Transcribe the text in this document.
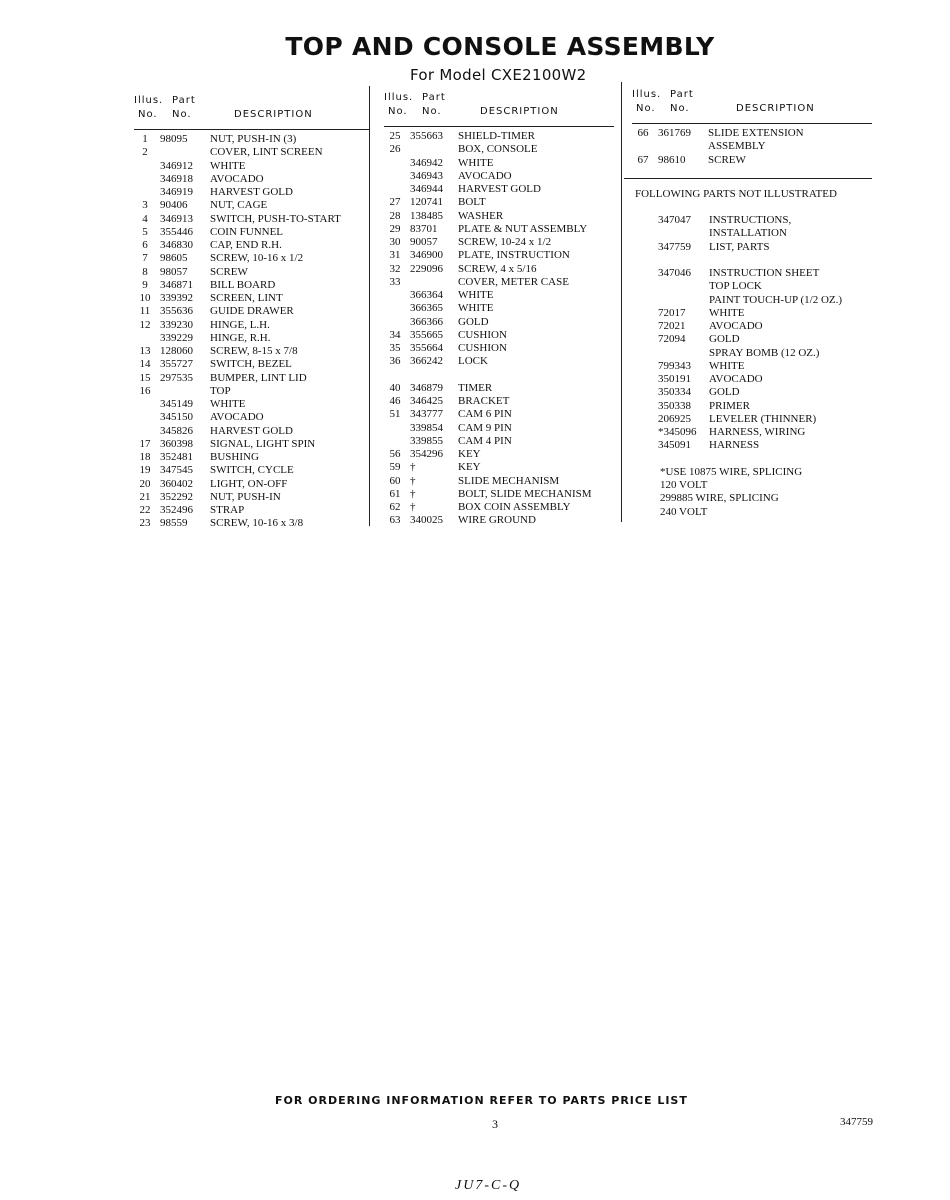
TOP AND CONSOLE ASSEMBLY
For Model CXE2100W2
Illus. Part
No. No.	DESCRIPTION
1	98095 NUT, PUSH-IN (3)
2	COVER, LINT SCREEN
346912 WHITE
346918 AVOCADO
346919 HARVEST GOLD
3	90406 NUT, CAGE
4	346913 SWITCH, PUSH-TO-START
5	355446 COIN FUNNEL
6	346830 CAP, END R.H.
7	98605 SCREW, 10-16 x 1/2
8	98057 SCREW
9	346871 BILL BOARD
10 339392 SCREEN, LINT
11 355636 GUIDE DRAWER
12 339230 HINGE, L.H.
339229 HINGE, R.H.
13 128060 SCREW, 8-15 x 7/8
14 355727 SWITCH, BEZEL
15 297535 BUMPER, LINT LID
16	TOP
345149 WHITE
345150 AVOCADO
345826 HARVEST GOLD
17 360398 SIGNAL, LIGHT SPIN
18 352481 BUSHING
19 347545 SWITCH, CYCLE
20 360402 LIGHT, ON-OFF
21 352292 NUT, PUSH-IN
22 352496 STRAP
23 98559 SCREW, 10-16 x 3/8
Illus. Part
No. No.	DESCRIPTION
25 355663 SHIELD-TIMER
26	BOX, CONSOLE
346942 WHITE
346943 AVOCADO
346944 HARVEST GOLD
27 120741 BOLT
28 138485 WASHER
29 83701 PLATE & NUT ASSEMBLY
30 90057 SCREW, 10-24 x 1/2
31 346900 PLATE, INSTRUCTION
32 229096 SCREW, 4 x 5/16
33	COVER, METER CASE
366364 WHITE
366365 WHITE
366366 GOLD
34 355665 CUSHION
35 355664 CUSHION
36 366242 LOCK
40 346879 TIMER
46 346425 BRACKET
51 343777 CAM 6 PIN
339854 CAM 9 PIN
339855 CAM 4 PIN
56 354296 KEY
59 †	KEY
60 †	SLIDE MECHANISM
61 †	BOLT, SLIDE MECHANISM
62 †	BOX COIN ASSEMBLY
63 340025 WIRE GROUND
Illus. Part
No. No.	DESCRIPTION
66 361769 SLIDE EXTENSION
ASSEMBLY
67 98610 SCREW
FOLLOWING PARTS NOT ILLUSTRATED
347047 INSTRUCTIONS,
INSTALLATION
347759 LIST, PARTS
347046 INSTRUCTION SHEET
TOP LOCK
PAINT TOUCH-UP (1/2 OZ.)
72017 WHITE
72021 AVOCADO
72094 GOLD
SPRAY BOMB (12 OZ.)
799343 WHITE
350191 AVOCADO
350334 GOLD
350338 PRIMER
206925 LEVELER (THINNER)
*345096 HARNESS, WIRING
345091 HARNESS
*USE 10875 WIRE, SPLICING
120 VOLT
299885 WIRE, SPLICING
240 VOLT
FOR ORDERING INFORMATION REFER TO PARTS PRICE LIST
3	347759
JU7-C-Q
